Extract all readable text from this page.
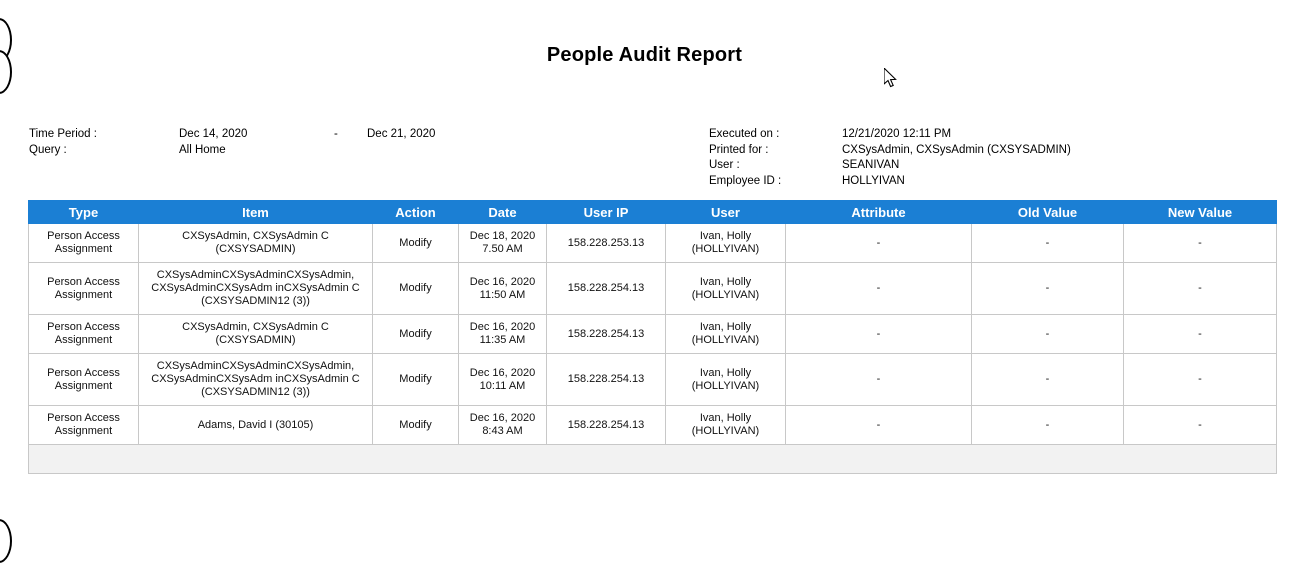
People Audit Report
Time Period :	Dec 14, 2020	-	Dec 21, 2020
Query :	All Home
Executed on :	12/21/2020 12:11 PM
Printed for :	CXSysAdmin, CXSysAdmin (CXSYSADMIN)
User :	SEANIVAN
Employee ID :	HOLLYIVAN
Type	Item	Action	Date	User IP	User	Attribute	Old Value	New Value
Person Access Assignment	CXSysAdmin, CXSysAdmin C (CXSYSADMIN)	Modify	Dec 18, 2020 7.50 AM	158.228.253.13	Ivan, Holly (HOLLYIVAN)	-	-	-
Person Access Assignment	CXSysAdminCXSysAdminCXSysAdmin, CXSysAdminCXSysAdm inCXSysAdmin C (CXSYSADMIN12 (3))	Modify	Dec 16, 2020 11:50 AM	158.228.254.13	Ivan, Holly (HOLLYIVAN)	-	-	-
Person Access Assignment	CXSysAdmin, CXSysAdmin C (CXSYSADMIN)	Modify	Dec 16, 2020 11:35 AM	158.228.254.13	Ivan, Holly (HOLLYIVAN)	-	-	-
Person Access Assignment	CXSysAdminCXSysAdminCXSysAdmin, CXSysAdminCXSysAdm inCXSysAdmin C (CXSYSADMIN12 (3))	Modify	Dec 16, 2020 10:11 AM	158.228.254.13	Ivan, Holly (HOLLYIVAN)	-	-	-
Person Access Assignment	Adams, David I (30105)	Modify	Dec 16, 2020 8:43 AM	158.228.254.13	Ivan, Holly (HOLLYIVAN)	-	-	-
